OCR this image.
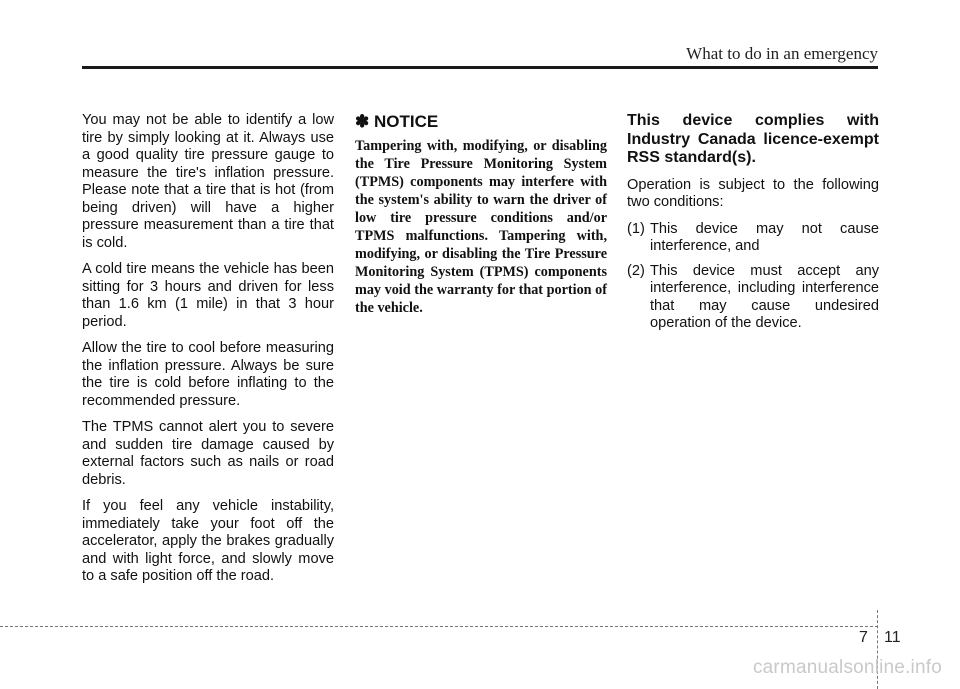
What to do in an emergency

You may not be able to identify a low tire by simply looking at it. Always use a good quality tire pressure gauge to measure the tire's inflation pressure. Please note that a tire that is hot (from being driven) will have a higher pressure measurement than a tire that is cold.

A cold tire means the vehicle has been sitting for 3 hours and driven for less than 1.6 km (1 mile) in that 3 hour period.

Allow the tire to cool before measuring the inflation pressure. Always be sure the tire is cold before inflating to the recommended pressure.

The TPMS cannot alert you to severe and sudden tire damage caused by external factors such as nails or road debris.

If you feel any vehicle instability, immediately take your foot off the accelerator, apply the brakes gradually and with light force, and slowly move to a safe position off the road.

✽ NOTICE

Tampering with, modifying, or disabling the Tire Pressure Monitoring System (TPMS) components may interfere with the system's ability to warn the driver of low tire pressure conditions and/or TPMS malfunctions. Tampering with, modifying, or disabling the Tire Pressure Monitoring System (TPMS) components may void the warranty for that portion of the vehicle.

This device complies with Industry Canada licence-exempt RSS standard(s).

Operation is subject to the following two conditions:

(1) This device may not cause interference, and
(2) This device must accept any interference, including interference that may cause undesired operation of the device.
7 11
carmanualsonline.info
